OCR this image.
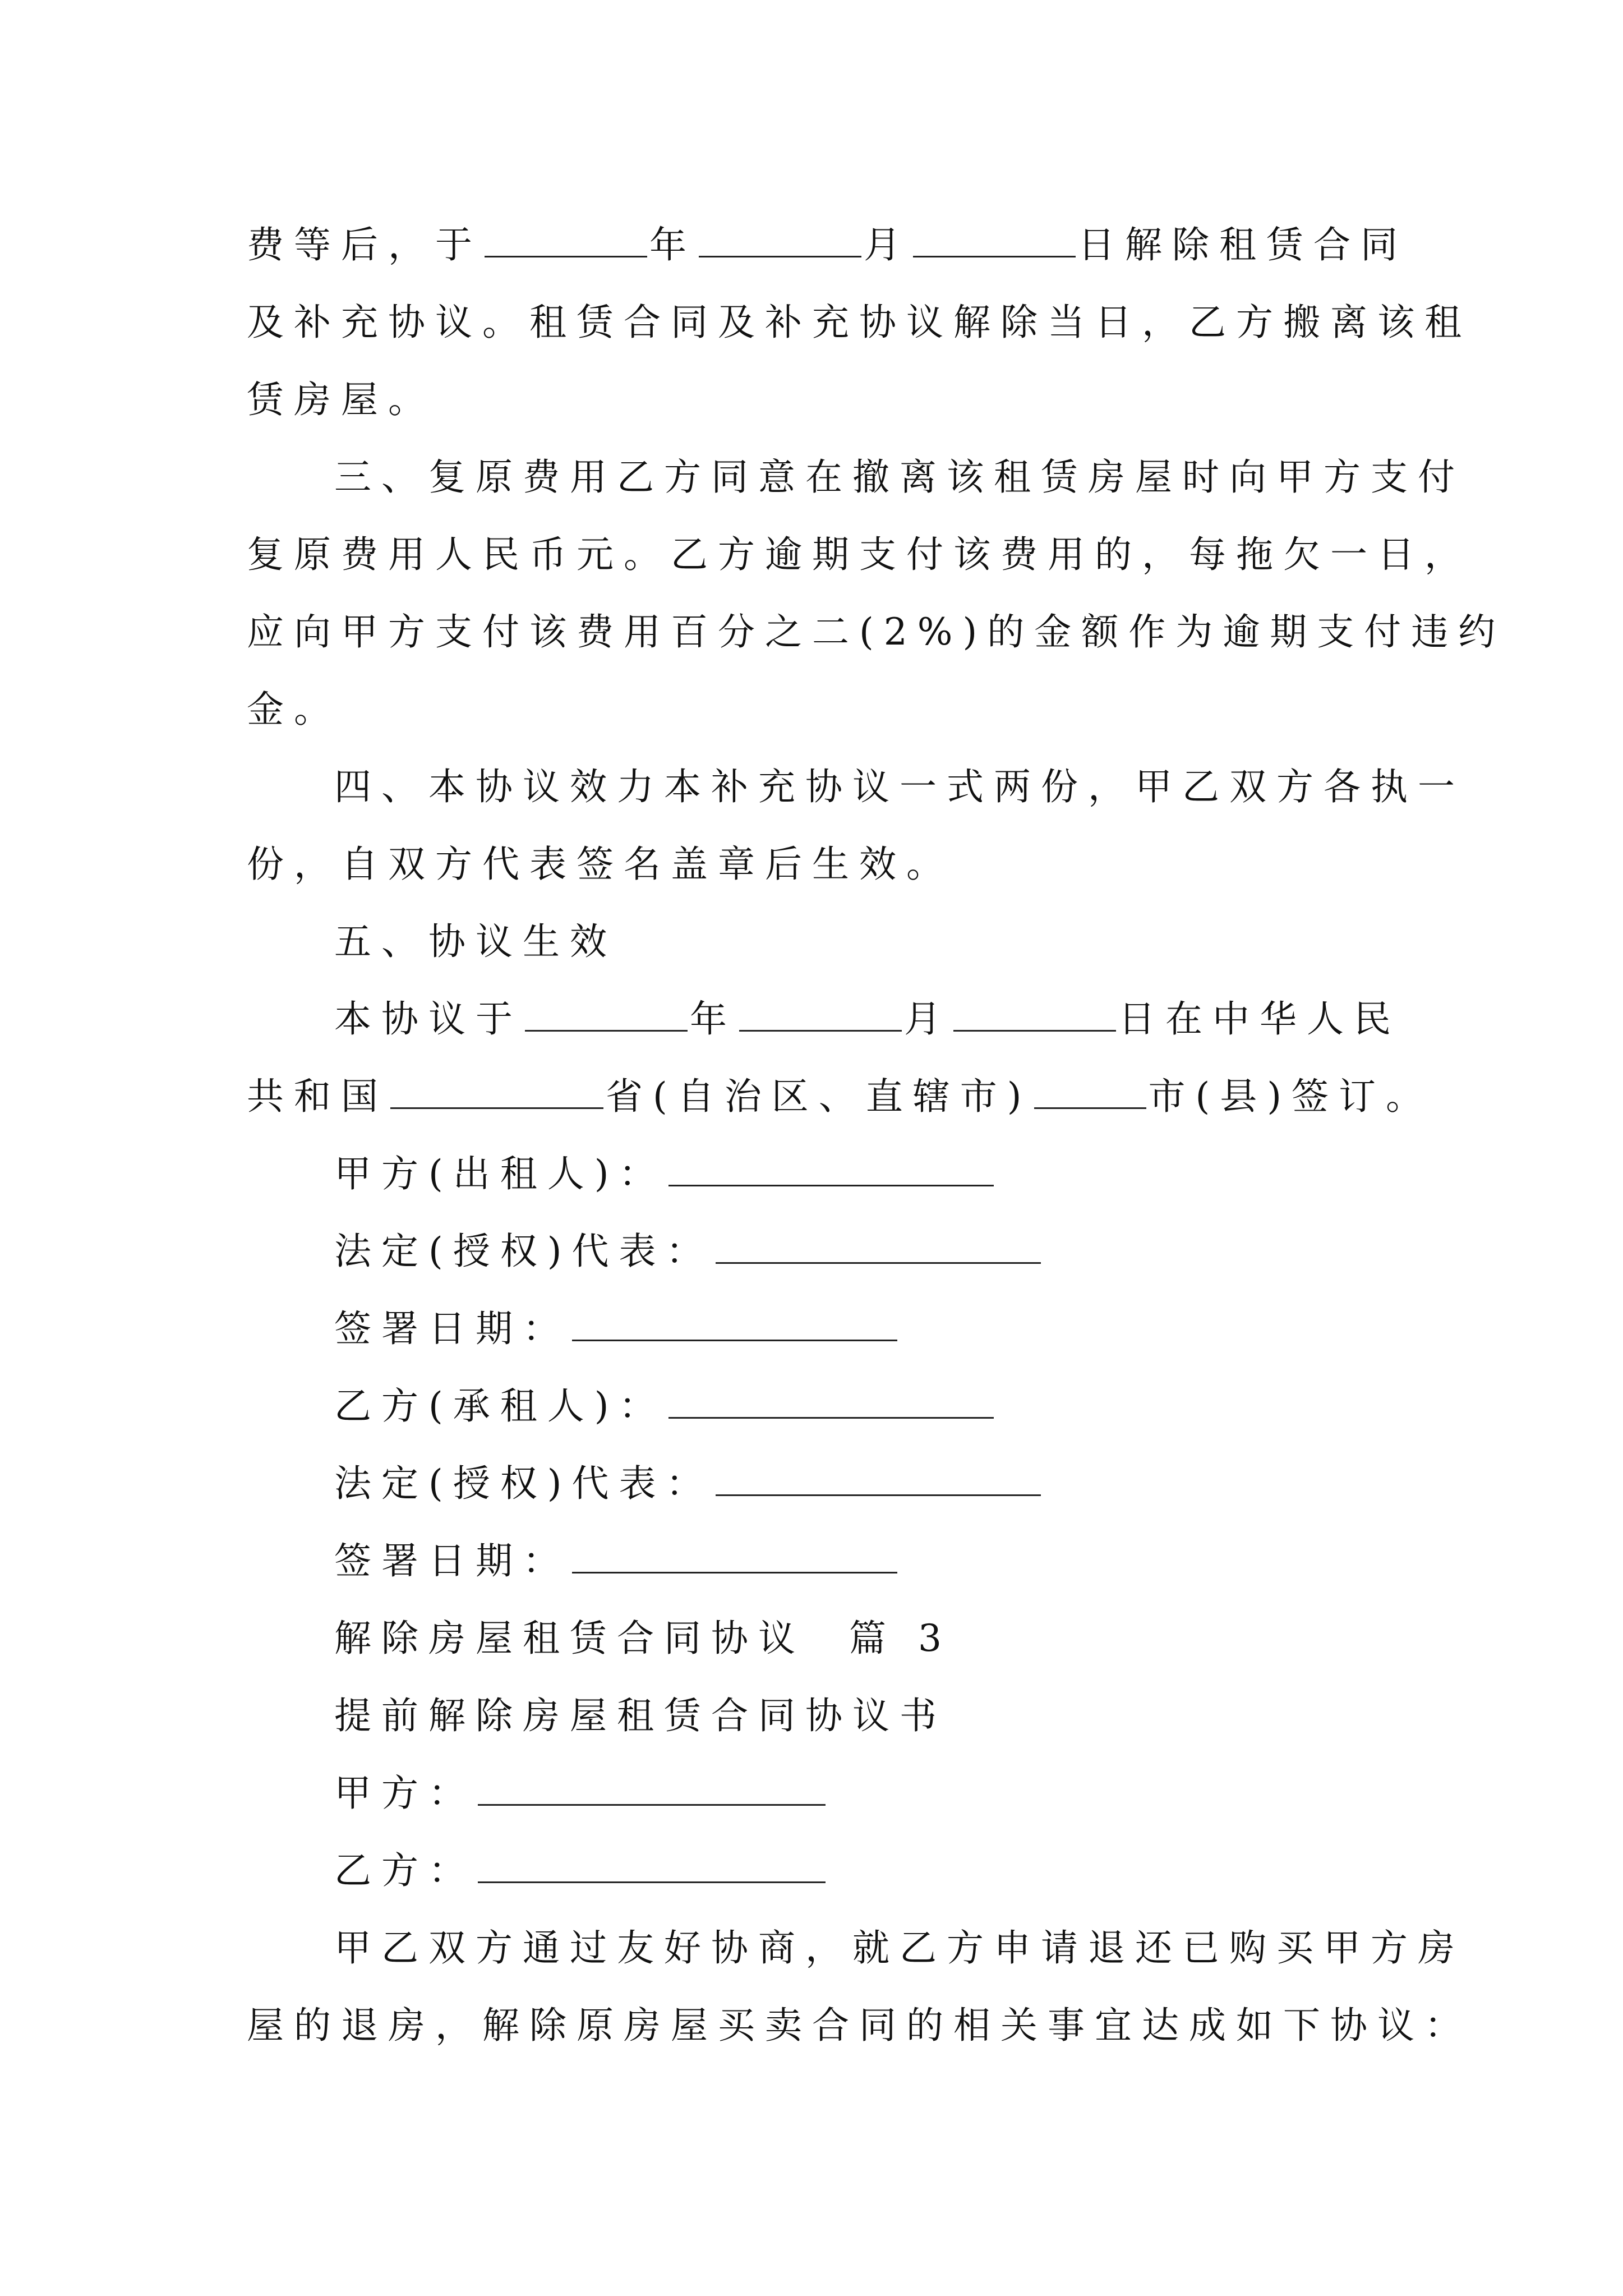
费等后，于	年	月	日解除租赁合同
及补充协议。租赁合同及补充协议解除当日，乙方搬离该租
赁房屋。
三、复原费用乙方同意在撤离该租赁房屋时向甲方支付
复原费用人民币元。乙方逾期支付该费用的，每拖欠一日，
应向甲方支付该费用百分之二(2%)的金额作为逾期支付违约
金。
四、本协议效力本补充协议一式两份，甲乙双方各执一
份，自双方代表签名盖章后生效。
五、协议生效
本协议于	年	月	日在中华人民
共和国	省(自治区、直辖市)	市(县)签订。
甲方(出租人)：
法定(授权)代表：
签署日期：
乙方(承租人)：
法定(授权)代表：
签署日期：
解除房屋租赁合同协议  篇 3
提前解除房屋租赁合同协议书
甲方：
乙方：
甲乙双方通过友好协商，就乙方申请退还已购买甲方房
屋的退房，解除原房屋买卖合同的相关事宜达成如下协议：
